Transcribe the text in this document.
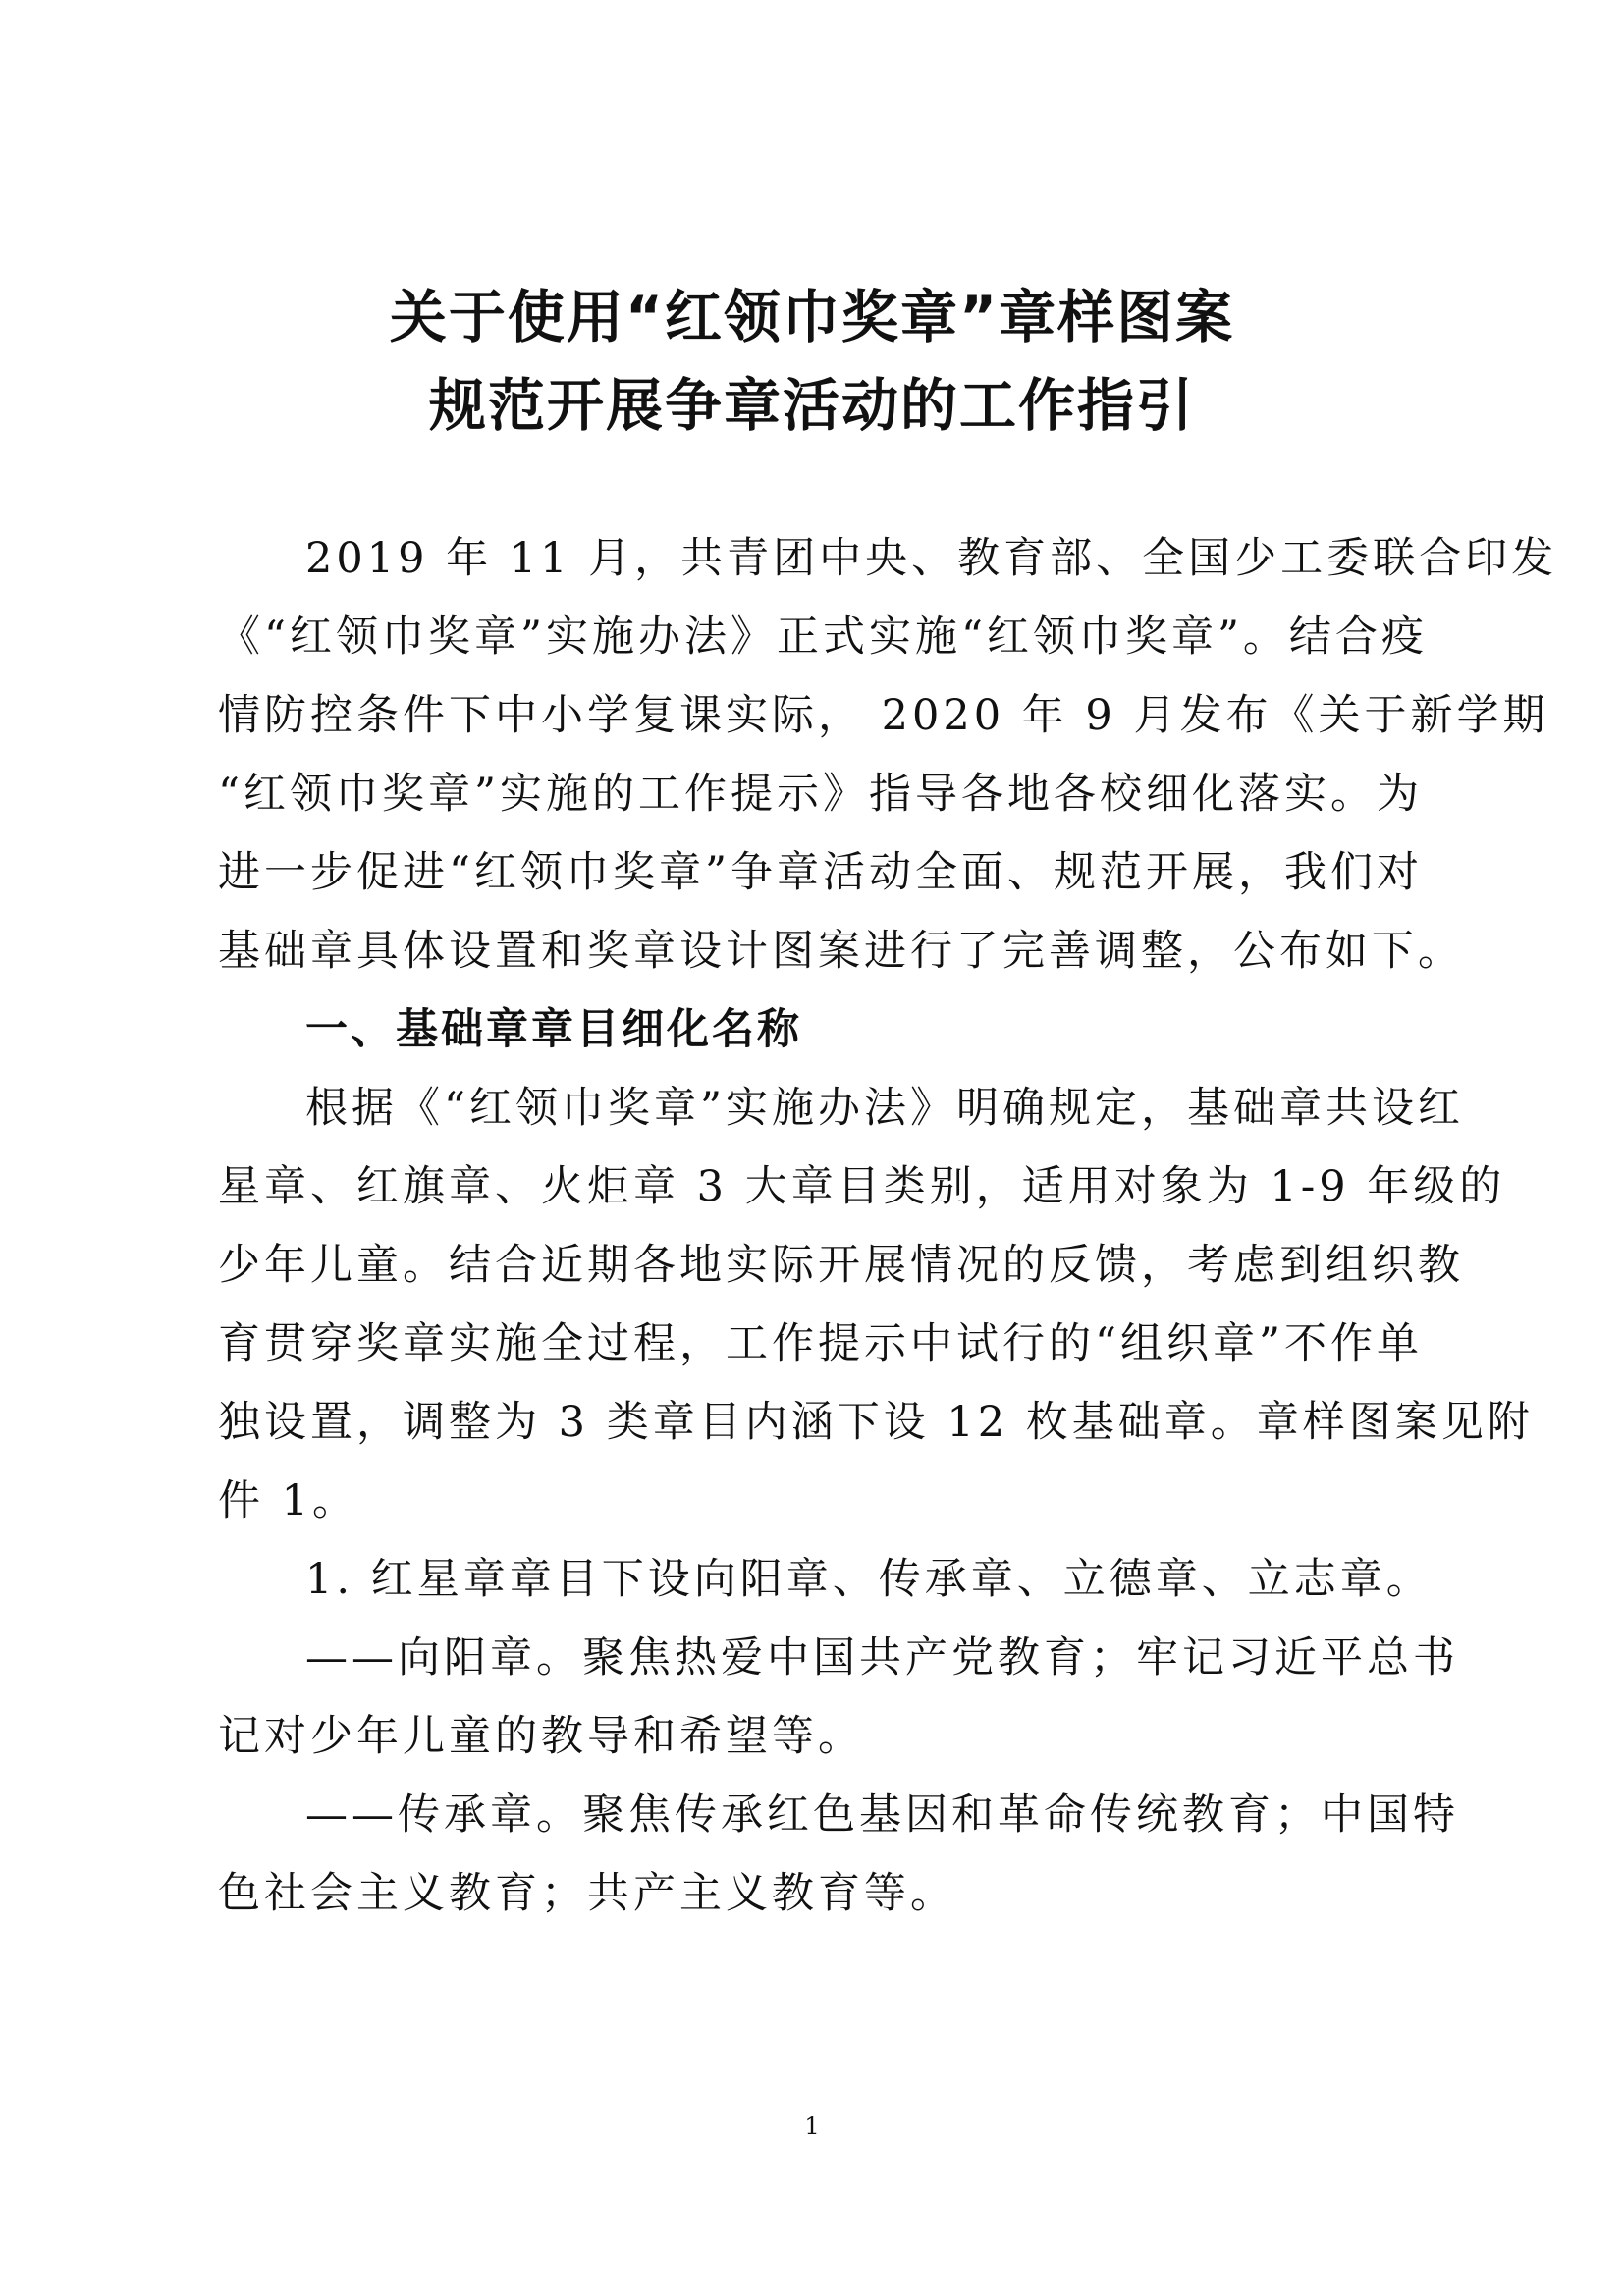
关于使用“红领巾奖章”章样图案
规范开展争章活动的工作指引
2019 年 11 月，共青团中央、教育部、全国少工委联合印发
《“红领巾奖章”实施办法》正式实施“红领巾奖章”。结合疫
情防控条件下中小学复课实际， 2020 年 9 月发布《关于新学期
“红领巾奖章”实施的工作提示》指导各地各校细化落实。为
进一步促进“红领巾奖章”争章活动全面、规范开展，我们对
基础章具体设置和奖章设计图案进行了完善调整，公布如下。
一、基础章章目细化名称
根据《“红领巾奖章”实施办法》明确规定，基础章共设红
星章、红旗章、火炬章 3 大章目类别，适用对象为 1-9 年级的
少年儿童。结合近期各地实际开展情况的反馈，考虑到组织教
育贯穿奖章实施全过程，工作提示中试行的“组织章”不作单
独设置，调整为 3 类章目内涵下设 12 枚基础章。章样图案见附
件 1。
1. 红星章章目下设向阳章、传承章、立德章、立志章。
——向阳章。聚焦热爱中国共产党教育；牢记习近平总书
记对少年儿童的教导和希望等。
——传承章。聚焦传承红色基因和革命传统教育；中国特
色社会主义教育；共产主义教育等。
1
